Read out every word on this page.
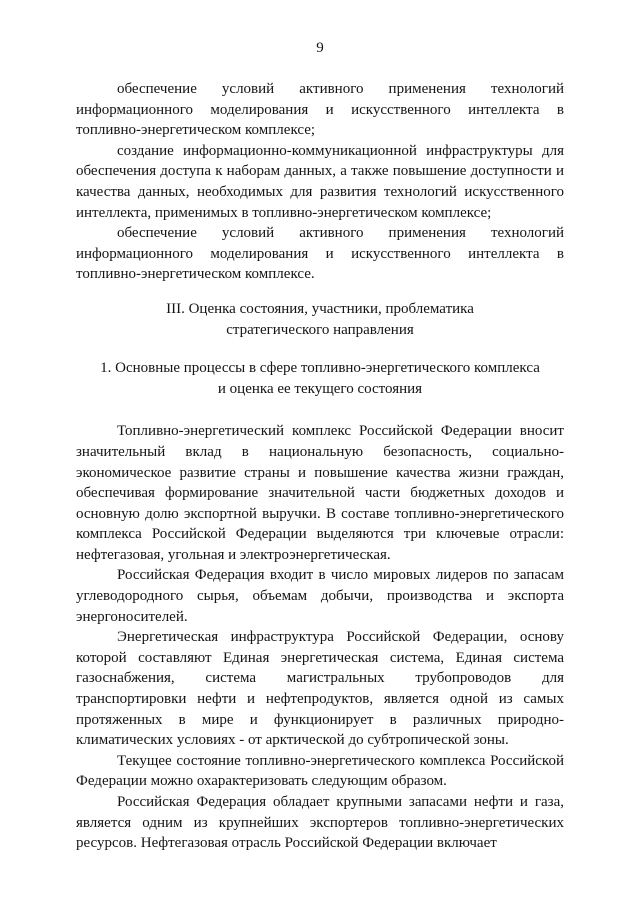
9

обеспечение условий активного применения технологий информационного моделирования и искусственного интеллекта в топливно-энергетическом комплексе;

создание информационно-коммуникационной инфраструктуры для обеспечения доступа к наборам данных, а также повышение доступности и качества данных, необходимых для развития технологий искусственного интеллекта, применимых в топливно-энергетическом комплексе;

обеспечение условий активного применения технологий информационного моделирования и искусственного интеллекта в топливно-энергетическом комплексе.

III. Оценка состояния, участники, проблематика
стратегического направления
1. Основные процессы в сфере топливно-энергетического комплекса
и оценка ее текущего состояния

Топливно-энергетический комплекс Российской Федерации вносит значительный вклад в национальную безопасность, социально-экономическое развитие страны и повышение качества жизни граждан, обеспечивая формирование значительной части бюджетных доходов и основную долю экспортной выручки. В составе топливно-энергетического комплекса Российской Федерации выделяются три ключевые отрасли: нефтегазовая, угольная и электроэнергетическая.

Российская Федерация входит в число мировых лидеров по запасам углеводородного сырья, объемам добычи, производства и экспорта энергоносителей.

Энергетическая инфраструктура Российской Федерации, основу которой составляют Единая энергетическая система, Единая система газоснабжения, система магистральных трубопроводов для транспортировки нефти и нефтепродуктов, является одной из самых протяженных в мире и функционирует в различных природно-климатических условиях - от арктической до субтропической зоны.

Текущее состояние топливно-энергетического комплекса Российской Федерации можно охарактеризовать следующим образом.

Российская Федерация обладает крупными запасами нефти и газа, является одним из крупнейших экспортеров топливно-энергетических ресурсов. Нефтегазовая отрасль Российской Федерации включает
